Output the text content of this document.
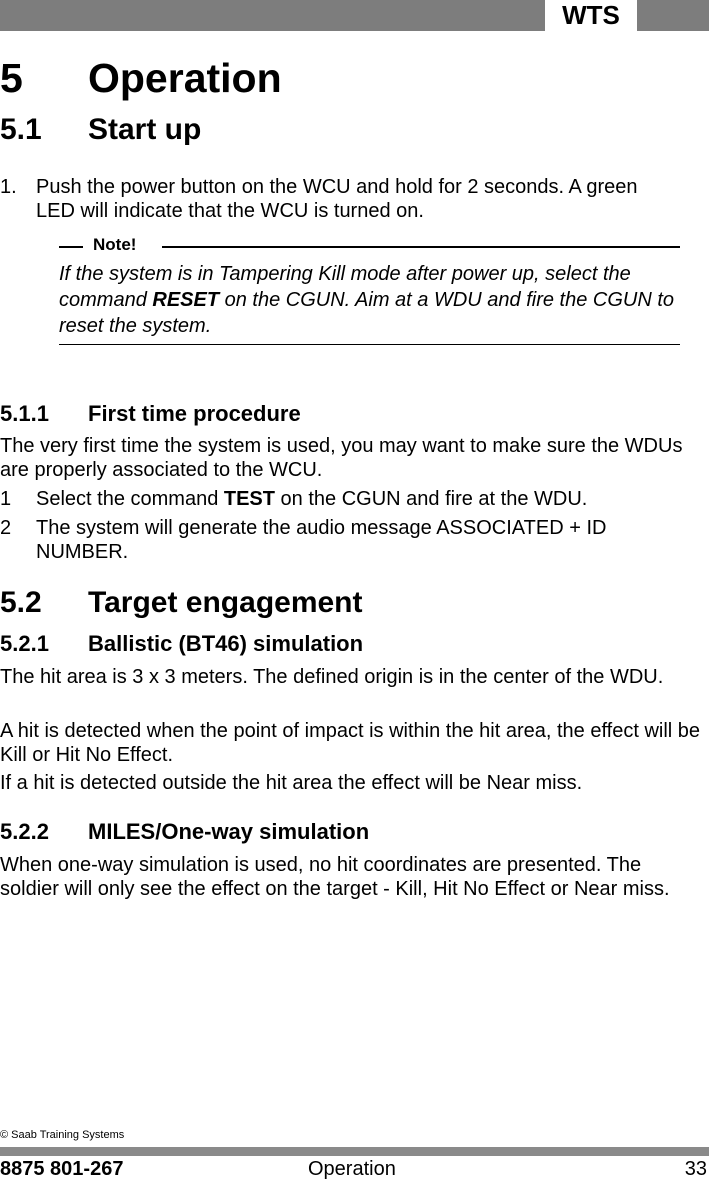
WTS
5 Operation
5.1 Start up
1. Push the power button on the WCU and hold for 2 seconds. A green LED will indicate that the WCU is turned on.
Note!
If the system is in Tampering Kill mode after power up, select the command RESET on the CGUN. Aim at a WDU and fire the CGUN to reset the system.
5.1.1 First time procedure
The very first time the system is used, you may want to make sure the WDUs are properly associated to the WCU.
1 Select the command TEST on the CGUN and fire at the WDU.
2 The system will generate the audio message ASSOCIATED + ID NUMBER.
5.2 Target engagement
5.2.1 Ballistic (BT46) simulation
The hit area is 3 x 3 meters. The defined origin is in the center of the WDU.
A hit is detected when the point of impact is within the hit area, the effect will be Kill or Hit No Effect.
If a hit is detected outside the hit area the effect will be Near miss.
5.2.2 MILES/One-way simulation
When one-way simulation is used, no hit coordinates are presented. The soldier will only see the effect on the target - Kill, Hit No Effect or Near miss.
© Saab Training Systems
8875 801-267	Operation	33
